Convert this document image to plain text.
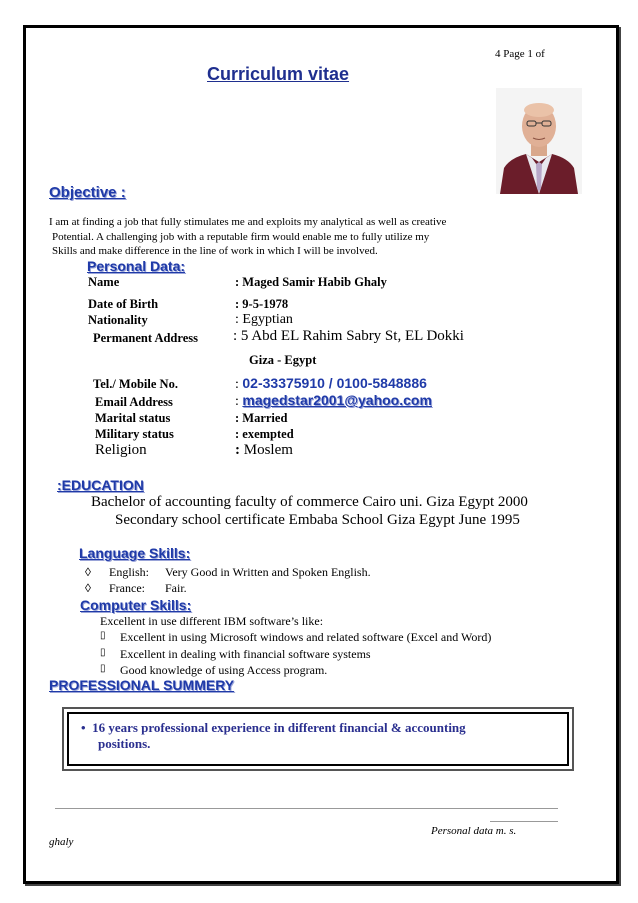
4 Page 1 of
Curriculum vitae
Objective :
I am at finding a job that fully stimulates me and exploits my analytical as well as creative
Potential. A challenging job with a reputable firm would enable me to fully utilize my
Skills and make difference in the line of work in which I will be involved.
Personal Data:
Name	: Maged Samir Habib Ghaly
Date of Birth	: 9-5-1978
Nationality	: Egyptian
Permanent Address : 5 Abd EL Rahim Sabry St, EL Dokki
Giza - Egypt
Tel./ Mobile No.	: 02-33375910 / 0100-5848886
Email Address	: magedstar2001@yahoo.com
Marital status	: Married
Military status	: exempted
Religion	: Moslem
:EDUCATION
Bachelor of accounting faculty of commerce Cairo uni. Giza Egypt 2000
Secondary school certificate Embaba School Giza Egypt June 1995
Language Skills:
◊ English: Very Good in Written and Spoken English.
◊ France: Fair.
Computer Skills:
Excellent in use different IBM software’s like:
▯ Excellent in using Microsoft windows and related software (Excel and Word)
▯ Excellent in dealing with financial software systems
▯ Good knowledge of using Access program.
PROFESSIONAL SUMMERY
• 16 years professional experience in different financial & accounting
positions.
Personal data m. s.
ghaly
